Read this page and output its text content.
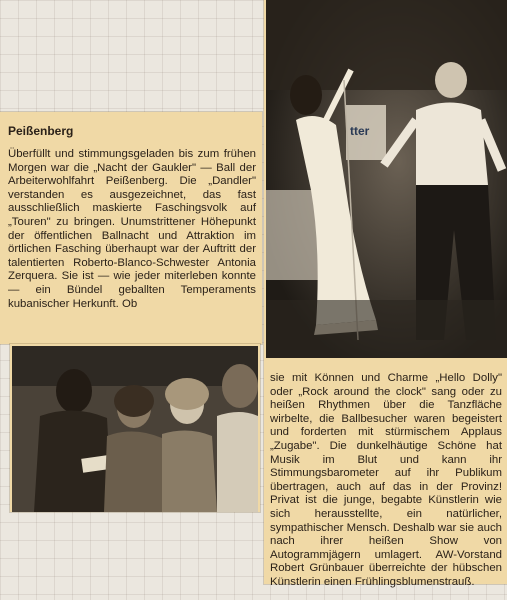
tter
Peißenberg
Überfüllt und stimmungsgeladen bis zum frühen Morgen war die „Nacht der Gaukler" — Ball der Arbeiterwohlfahrt Peißenberg. Die „Dandler" verstanden es ausgezeichnet, das fast ausschließlich maskierte Faschingsvolk auf „Touren" zu bringen. Unumstrittener Höhepunkt der öffentlichen Ballnacht und Attraktion im örtlichen Fasching überhaupt war der Auftritt der talentierten Roberto-Blanco-Schwester Antonia Zerquera. Sie ist — wie jeder miterleben konnte — ein Bündel geballten Temperaments kubanischer Herkunft. Ob
sie mit Können und Charme „Hello Dolly" oder „Rock around the clock" sang oder zu heißen Rhythmen über die Tanzfläche wirbelte, die Ballbesucher waren begeistert und forderten mit stürmischem Applaus „Zugabe". Die dunkelhäutige Schöne hat Musik im Blut und kann ihr Stimmungsbarometer auf ihr Publikum übertragen, auch auf das in der Provinz! Privat ist die junge, begabte Künstlerin wie sich herausstellte, ein natürlicher, sympathischer Mensch. Deshalb war sie auch nach ihrer heißen Show von Autogrammjägern umlagert. AW-Vorstand Robert Grünbauer überreichte der hübschen Künstlerin einen Frühlingsblumenstrauß.
